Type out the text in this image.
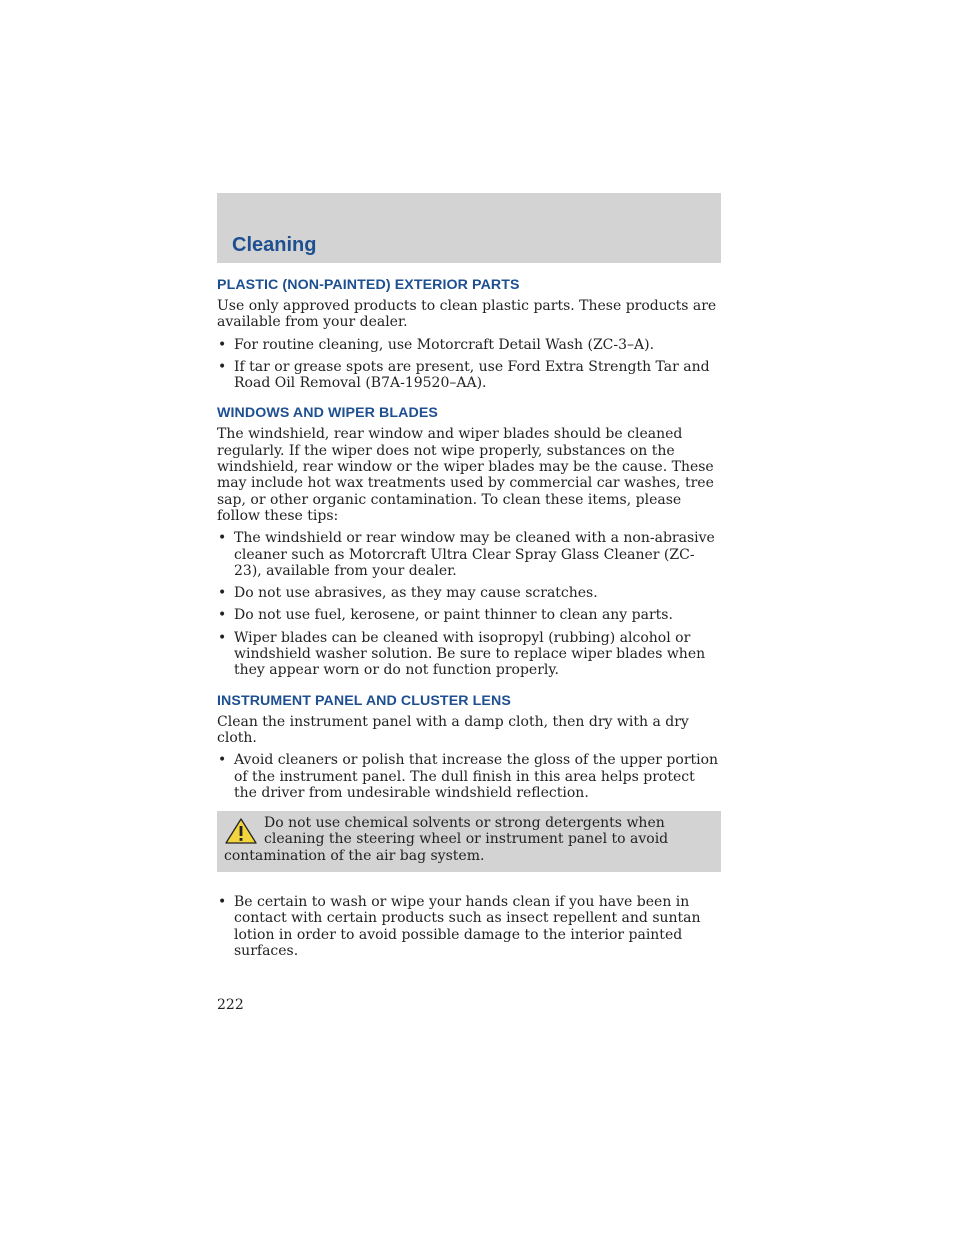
Cleaning
PLASTIC (NON-PAINTED) EXTERIOR PARTS

Use only approved products to clean plastic parts. These products are available from your dealer.

• For routine cleaning, use Motorcraft Detail Wash (ZC-3–A).
• If tar or grease spots are present, use Ford Extra Strength Tar and Road Oil Removal (B7A-19520–AA).
WINDOWS AND WIPER BLADES

The windshield, rear window and wiper blades should be cleaned regularly. If the wiper does not wipe properly, substances on the windshield, rear window or the wiper blades may be the cause. These may include hot wax treatments used by commercial car washes, tree sap, or other organic contamination. To clean these items, please follow these tips:

• The windshield or rear window may be cleaned with a non-abrasive cleaner such as Motorcraft Ultra Clear Spray Glass Cleaner (ZC-23), available from your dealer.
• Do not use abrasives, as they may cause scratches.
• Do not use fuel, kerosene, or paint thinner to clean any parts.
• Wiper blades can be cleaned with isopropyl (rubbing) alcohol or windshield washer solution. Be sure to replace wiper blades when they appear worn or do not function properly.
INSTRUMENT PANEL AND CLUSTER LENS

Clean the instrument panel with a damp cloth, then dry with a dry cloth.

• Avoid cleaners or polish that increase the gloss of the upper portion of the instrument panel. The dull finish in this area helps protect the driver from undesirable windshield reflection.
Do not use chemical solvents or strong detergents when cleaning the steering wheel or instrument panel to avoid contamination of the air bag system.
• Be certain to wash or wipe your hands clean if you have been in contact with certain products such as insect repellent and suntan lotion in order to avoid possible damage to the interior painted surfaces.
222
